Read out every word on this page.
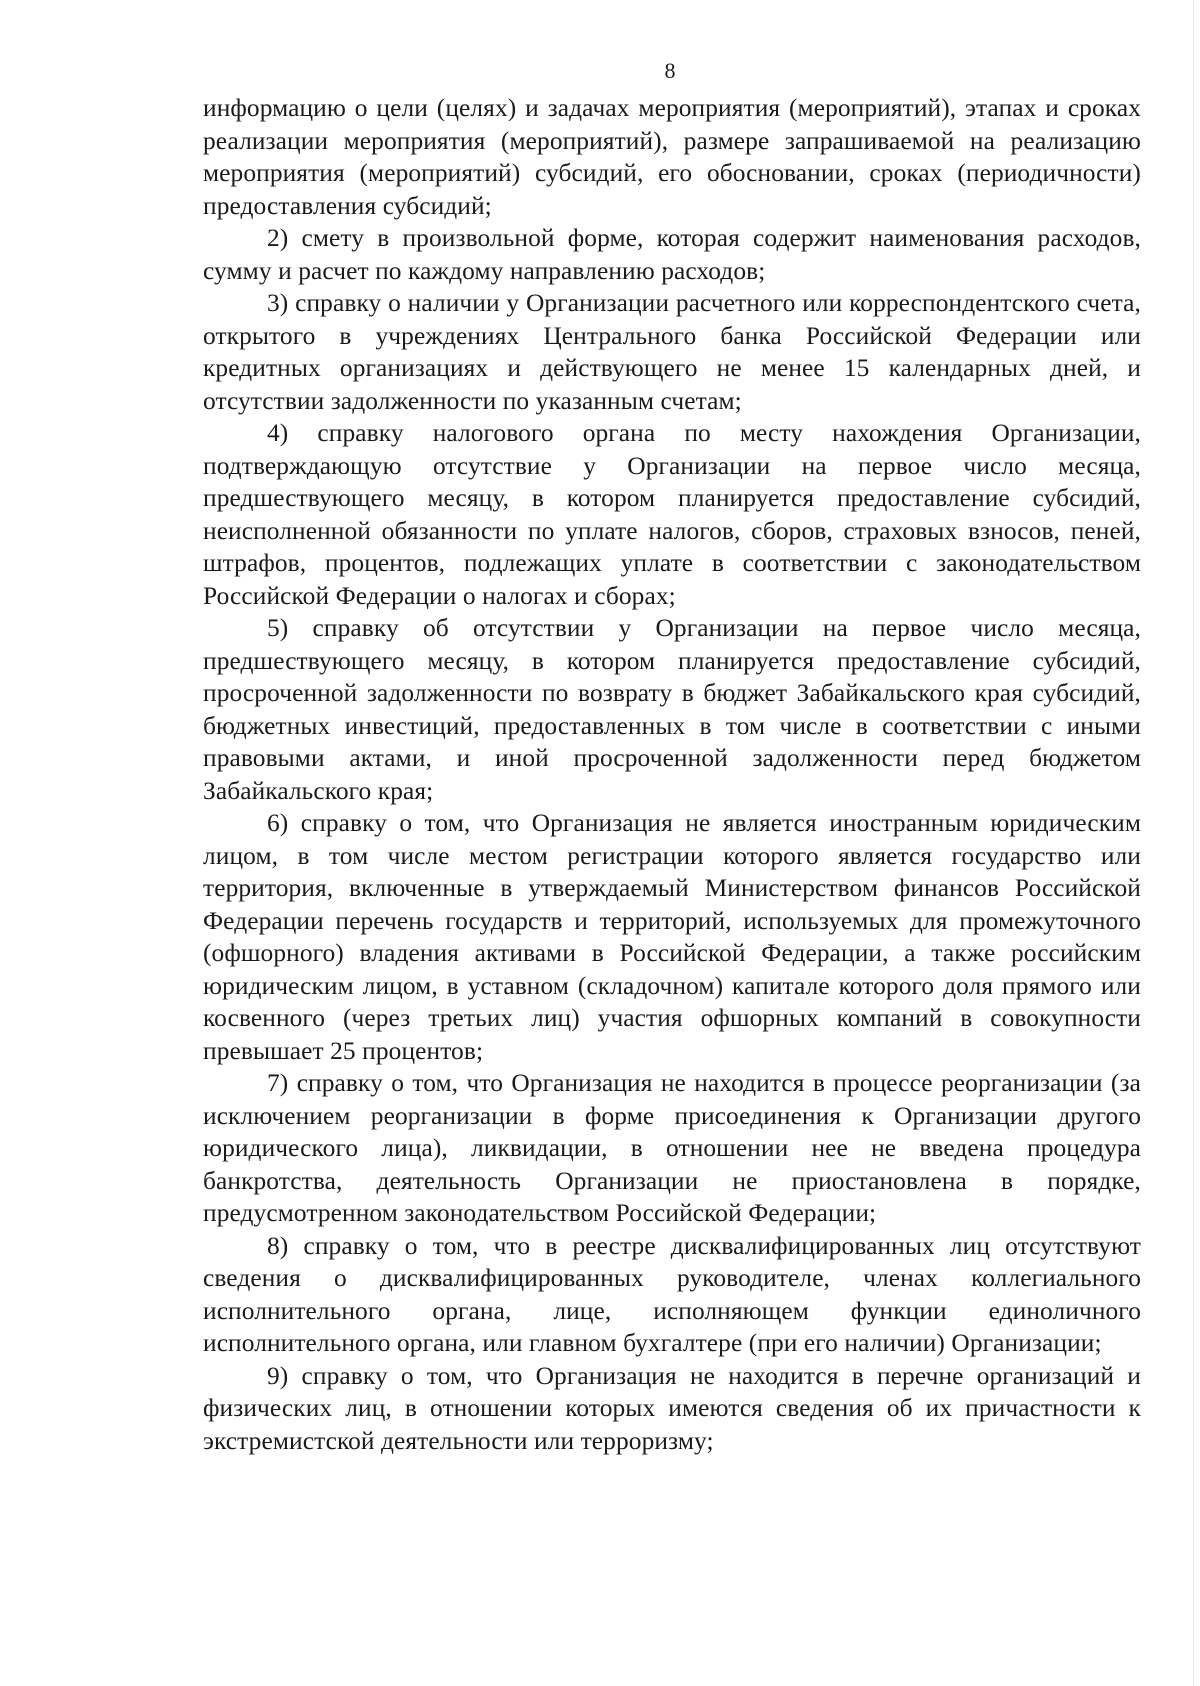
8

информацию о цели (целях) и задачах мероприятия (мероприятий), этапах и сроках реализации мероприятия (мероприятий), размере запрашиваемой на реализацию мероприятия (мероприятий) субсидий, его обосновании, сроках (периодичности) предоставления субсидий;

2) смету в произвольной форме, которая содержит наименования расходов, сумму и расчет по каждому направлению расходов;

3) справку о наличии у Организации расчетного или корреспондентского счета, открытого в учреждениях Центрального банка Российской Федерации или кредитных организациях и действующего не менее 15 календарных дней, и отсутствии задолженности по указанным счетам;

4) справку налогового органа по месту нахождения Организации, подтверждающую отсутствие у Организации на первое число месяца, предшествующего месяцу, в котором планируется предоставление субсидий, неисполненной обязанности по уплате налогов, сборов, страховых взносов, пеней, штрафов, процентов, подлежащих уплате в соответствии с законодательством Российской Федерации о налогах и сборах;

5) справку об отсутствии у Организации на первое число месяца, предшествующего месяцу, в котором планируется предоставление субсидий, просроченной задолженности по возврату в бюджет Забайкальского края субсидий, бюджетных инвестиций, предоставленных в том числе в соответствии с иными правовыми актами, и иной просроченной задолженности перед бюджетом Забайкальского края;

6) справку о том, что Организация не является иностранным юридическим лицом, в том числе местом регистрации которого является государство или территория, включенные в утверждаемый Министерством финансов Российской Федерации перечень государств и территорий, используемых для промежуточного (офшорного) владения активами в Российской Федерации, а также российским юридическим лицом, в уставном (складочном) капитале которого доля прямого или косвенного (через третьих лиц) участия офшорных компаний в совокупности превышает 25 процентов;

7) справку о том, что Организация не находится в процессе реорганизации (за исключением реорганизации в форме присоединения к Организации другого юридического лица), ликвидации, в отношении нее не введена процедура банкротства, деятельность Организации не приостановлена в порядке, предусмотренном законодательством Российской Федерации;

8) справку о том, что в реестре дисквалифицированных лиц отсутствуют сведения о дисквалифицированных руководителе, членах коллегиального исполнительного органа, лице, исполняющем функции единоличного исполнительного органа, или главном бухгалтере (при его наличии) Организации;

9) справку о том, что Организация не находится в перечне организаций и физических лиц, в отношении которых имеются сведения об их причастности к экстремистской деятельности или терроризму;
